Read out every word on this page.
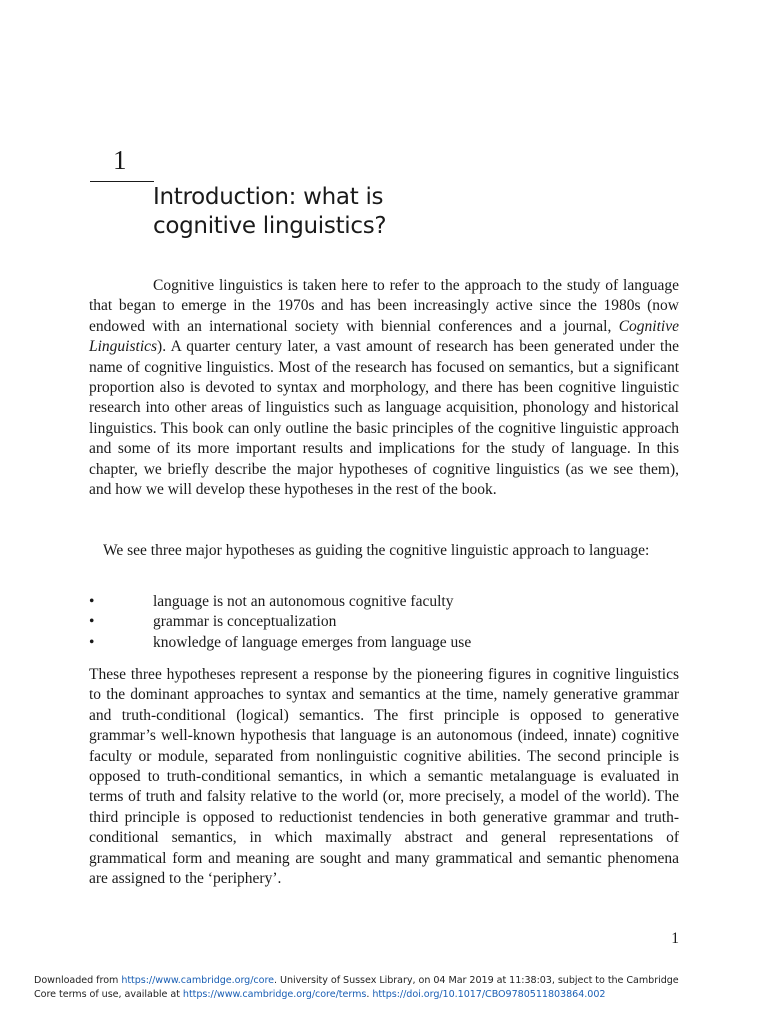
1
Introduction: what is
cognitive linguistics?

Cognitive linguistics is taken here to refer to the approach to the study of language that began to emerge in the 1970s and has been increasingly active since the 1980s (now endowed with an international society with biennial conferences and a journal, Cognitive Linguistics). A quarter century later, a vast amount of research has been generated under the name of cognitive linguistics. Most of the research has focused on semantics, but a significant proportion also is devoted to syntax and morphology, and there has been cognitive linguistic research into other areas of linguistics such as language acquisition, phonology and historical linguistics. This book can only outline the basic principles of the cognitive linguistic approach and some of its more important results and implications for the study of language. In this chapter, we briefly describe the major hypotheses of cognitive linguistics (as we see them), and how we will develop these hypotheses in the rest of the book.

We see three major hypotheses as guiding the cognitive linguistic approach to language:

•	language is not an autonomous cognitive faculty
•	grammar is conceptualization
•	knowledge of language emerges from language use

These three hypotheses represent a response by the pioneering figures in cognitive linguistics to the dominant approaches to syntax and semantics at the time, namely generative grammar and truth-conditional (logical) semantics. The first principle is opposed to generative grammar’s well-known hypothesis that language is an autonomous (indeed, innate) cognitive faculty or module, separated from nonlinguistic cognitive abilities. The second principle is opposed to truth-conditional semantics, in which a semantic metalanguage is evaluated in terms of truth and falsity relative to the world (or, more precisely, a model of the world). The third principle is opposed to reductionist tendencies in both generative grammar and truth-conditional semantics, in which maximally abstract and general representations of grammatical form and meaning are sought and many grammatical and semantic phenomena are assigned to the ‘periphery’.

1
Downloaded from https://www.cambridge.org/core. University of Sussex Library, on 04 Mar 2019 at 11:38:03, subject to the Cambridge
Core terms of use, available at https://www.cambridge.org/core/terms. https://doi.org/10.1017/CBO9780511803864.002
